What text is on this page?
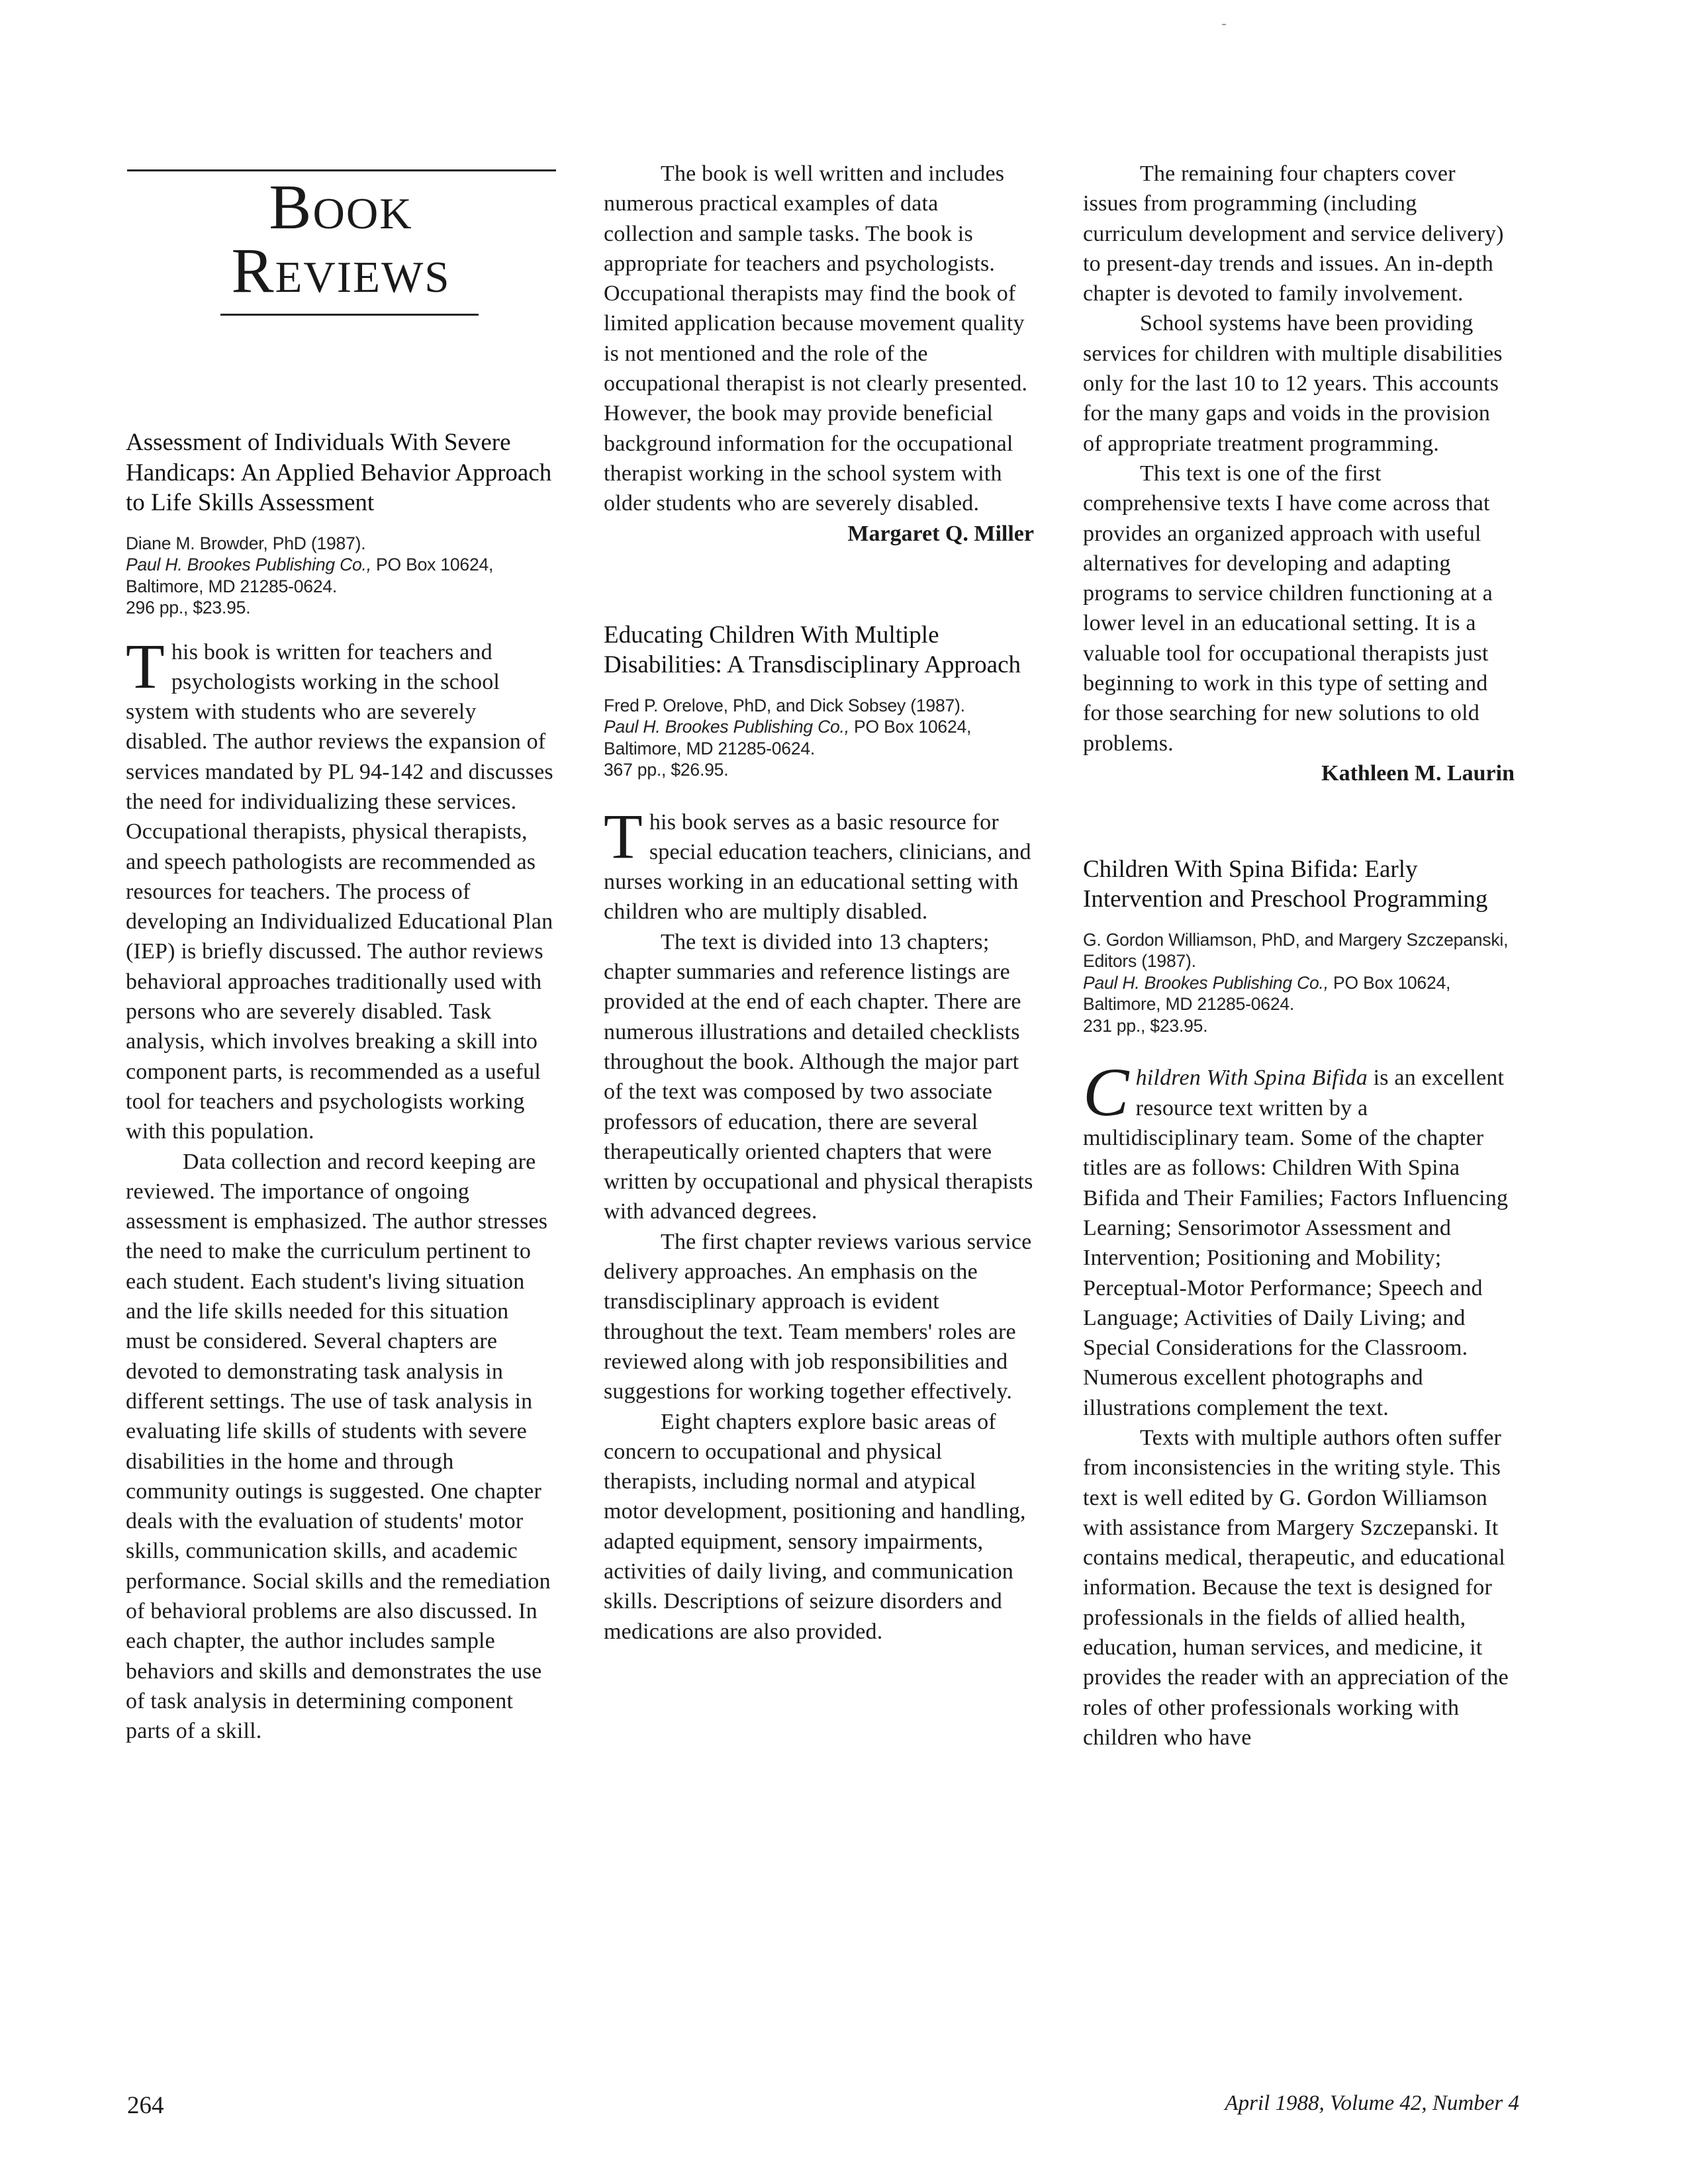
Book
Reviews
Assessment of Individuals With Severe Handicaps: An Applied Behavior Approach to Life Skills Assessment

Diane M. Browder, PhD (1987).
Paul H. Brookes Publishing Co., PO Box 10624, Baltimore, MD 21285-0624.
296 pp., $23.95.

This book is written for teachers and psychologists working in the school system with students who are severely disabled. The author reviews the expansion of services mandated by PL 94-142 and discusses the need for individualizing these services. Occupational therapists, physical therapists, and speech pathologists are recommended as resources for teachers. The process of developing an Individualized Educational Plan (IEP) is briefly discussed. The author reviews behavioral approaches traditionally used with persons who are severely disabled. Task analysis, which involves breaking a skill into component parts, is recommended as a useful tool for teachers and psychologists working with this population.

Data collection and record keeping are reviewed. The importance of ongoing assessment is emphasized. The author stresses the need to make the curriculum pertinent to each student. Each student's living situation and the life skills needed for this situation must be considered. Several chapters are devoted to demonstrating task analysis in different settings. The use of task analysis in evaluating life skills of students with severe disabilities in the home and through community outings is suggested. One chapter deals with the evaluation of students' motor skills, communication skills, and academic performance. Social skills and the remediation of behavioral problems are also discussed. In each chapter, the author includes sample behaviors and skills and demonstrates the use of task analysis in determining component parts of a skill.

The book is well written and includes numerous practical examples of data collection and sample tasks. The book is appropriate for teachers and psychologists. Occupational therapists may find the book of limited application because movement quality is not mentioned and the role of the occupational therapist is not clearly presented. However, the book may provide beneficial background information for the occupational therapist working in the school system with older students who are severely disabled.

Margaret Q. Miller

Educating Children With Multiple Disabilities: A Transdisciplinary Approach

Fred P. Orelove, PhD, and Dick Sobsey (1987).
Paul H. Brookes Publishing Co., PO Box 10624, Baltimore, MD 21285-0624.
367 pp., $26.95.

This book serves as a basic resource for special education teachers, clinicians, and nurses working in an educational setting with children who are multiply disabled.

The text is divided into 13 chapters; chapter summaries and reference listings are provided at the end of each chapter. There are numerous illustrations and detailed checklists throughout the book. Although the major part of the text was composed by two associate professors of education, there are several therapeutically oriented chapters that were written by occupational and physical therapists with advanced degrees.

The first chapter reviews various service delivery approaches. An emphasis on the transdisciplinary approach is evident throughout the text. Team members' roles are reviewed along with job responsibilities and suggestions for working together effectively.

Eight chapters explore basic areas of concern to occupational and physical therapists, including normal and atypical motor development, positioning and handling, adapted equipment, sensory impairments, activities of daily living, and communication skills. Descriptions of seizure disorders and medications are also provided.

The remaining four chapters cover issues from programming (including curriculum development and service delivery) to present-day trends and issues. An in-depth chapter is devoted to family involvement.

School systems have been providing services for children with multiple disabilities only for the last 10 to 12 years. This accounts for the many gaps and voids in the provision of appropriate treatment programming.

This text is one of the first comprehensive texts I have come across that provides an organized approach with useful alternatives for developing and adapting programs to service children functioning at a lower level in an educational setting. It is a valuable tool for occupational therapists just beginning to work in this type of setting and for those searching for new solutions to old problems.

Kathleen M. Laurin

Children With Spina Bifida: Early Intervention and Preschool Programming

G. Gordon Williamson, PhD, and Margery Szczepanski, Editors (1987).
Paul H. Brookes Publishing Co., PO Box 10624, Baltimore, MD 21285-0624.
231 pp., $23.95.

Children With Spina Bifida is an excellent resource text written by a multidisciplinary team. Some of the chapter titles are as follows: Children With Spina Bifida and Their Families; Factors Influencing Learning; Sensorimotor Assessment and Intervention; Positioning and Mobility; Perceptual-Motor Performance; Speech and Language; Activities of Daily Living; and Special Considerations for the Classroom. Numerous excellent photographs and illustrations complement the text.

Texts with multiple authors often suffer from inconsistencies in the writing style. This text is well edited by G. Gordon Williamson with assistance from Margery Szczepanski. It contains medical, therapeutic, and educational information. Because the text is designed for professionals in the fields of allied health, education, human services, and medicine, it provides the reader with an appreciation of the roles of other professionals working with children who have

264	April 1988, Volume 42, Number 4
